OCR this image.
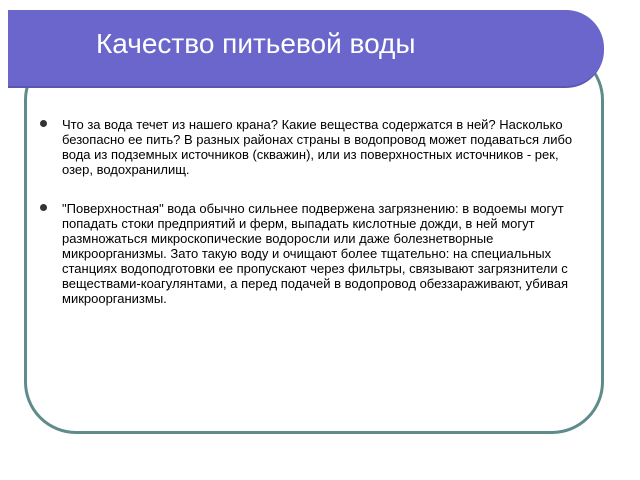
Качество питьевой воды
Что за вода течет из нашего крана? Какие вещества содержатся в ней? Насколько безопасно ее пить? В разных районах страны в водопровод может подаваться либо вода из подземных источников (скважин), или из поверхностных источников - рек, озер, водохранилищ.
"Поверхностная" вода обычно сильнее подвержена загрязнению: в водоемы могут попадать стоки предприятий и ферм, выпадать кислотные дожди, в ней могут размножаться микроскопические водоросли или даже болезнетворные микроорганизмы. Зато такую воду и очищают более тщательно: на специальных станциях водоподготовки ее пропускают через фильтры, связывают загрязнители с веществами-коагулянтами, а перед подачей в водопровод обеззараживают, убивая микроорганизмы.
